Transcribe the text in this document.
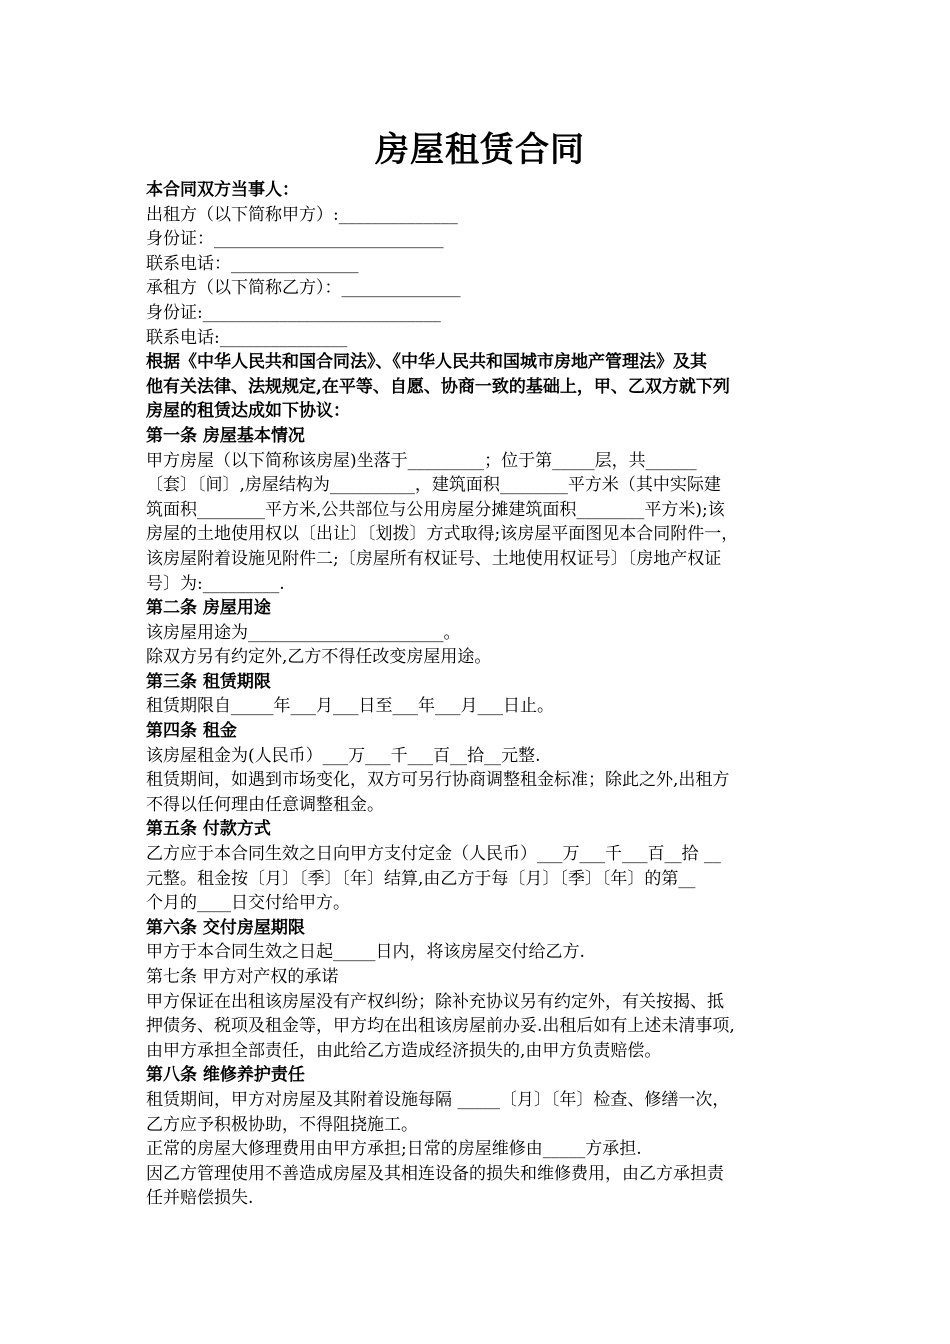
房屋租赁合同

本合同双方当事人：

出租方（以下简称甲方）:______________

身份证：___________________________

联系电话：_______________

承租方（以下简称乙方）：______________

身份证:____________________________

联系电话:_______________

根据《中华人民共和国合同法》、《中华人民共和国城市房地产管理法》及其

他有关法律、法规规定,在平等、自愿、协商一致的基础上，甲、乙双方就下列

房屋的租赁达成如下协议：

第一条 房屋基本情况

甲方房屋（以下简称该房屋)坐落于_________；位于第_____层，共______

〔套〕〔间〕,房屋结构为__________，建筑面积________平方米（其中实际建

筑面积________平方米,公共部位与公用房屋分摊建筑面积________平方米);该

房屋的土地使用权以〔出让〕〔划拨〕方式取得;该房屋平面图见本合同附件一，

该房屋附着设施见附件二;〔房屋所有权证号、土地使用权证号〕〔房地产权证

号〕为:_________.

第二条 房屋用途

该房屋用途为_______________________。

除双方另有约定外,乙方不得任改变房屋用途。

第三条 租赁期限

租赁期限自_____年___月___日至___年___月___日止。

第四条 租金

该房屋租金为(人民币）___万___千___百__拾__元整.

租赁期间，如遇到市场变化，双方可另行协商调整租金标准；除此之外,出租方

不得以任何理由任意调整租金。

第五条 付款方式

乙方应于本合同生效之日向甲方支付定金（人民币）___万___千___百__拾 __

元整。租金按〔月〕〔季〕〔年〕结算,由乙方于每〔月〕〔季〕〔年〕的第__

个月的____日交付给甲方。

第六条 交付房屋期限

甲方于本合同生效之日起_____日内，将该房屋交付给乙方.

第七条 甲方对产权的承诺

甲方保证在出租该房屋没有产权纠纷；除补充协议另有约定外，有关按揭、抵

押债务、税项及租金等，甲方均在出租该房屋前办妥.出租后如有上述未清事项,

由甲方承担全部责任，由此给乙方造成经济损失的,由甲方负责赔偿。

第八条 维修养护责任

租赁期间，甲方对房屋及其附着设施每隔 _____〔月〕〔年〕检查、修缮一次，

乙方应予积极协助，不得阻挠施工。

正常的房屋大修理费用由甲方承担;日常的房屋维修由_____方承担.

因乙方管理使用不善造成房屋及其相连设备的损失和维修费用，由乙方承担责

任并赔偿损失.
